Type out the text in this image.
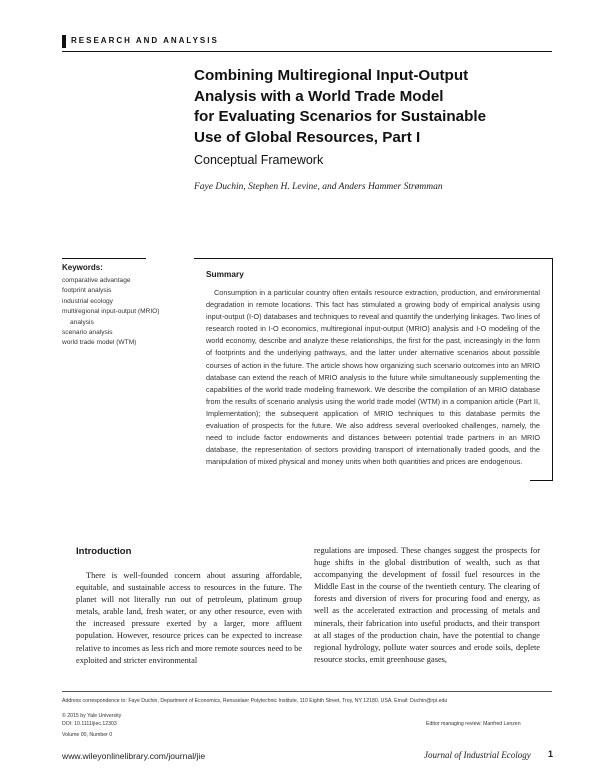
RESEARCH AND ANALYSIS
Combining Multiregional Input-Output
Analysis with a World Trade Model
for Evaluating Scenarios for Sustainable
Use of Global Resources, Part I
Conceptual Framework
Faye Duchin, Stephen H. Levine, and Anders Hammer Strømman
Keywords:
comparative advantage
footprint analysis
industrial ecology
multiregional input-output (MRIO)
analysis
scenario analysis
world trade model (WTM)
Summary

Consumption in a particular country often entails resource extraction, production, and environmental degradation in remote locations. This fact has stimulated a growing body of empirical analysis using input-output (I-O) databases and techniques to reveal and quantify the underlying linkages. Two lines of research rooted in I-O economics, multiregional input-output (MRIO) analysis and I-O modeling of the world economy, describe and analyze these relationships, the first for the past, increasingly in the form of footprints and the underlying pathways, and the latter under alternative scenarios about possible courses of action in the future. The article shows how organizing such scenario outcomes into an MRIO database can extend the reach of MRIO analysis to the future while simultaneously supplementing the capabilities of the world trade modeling framework. We describe the compilation of an MRIO database from the results of scenario analysis using the world trade model (WTM) in a companion article (Part II, Implementation); the subsequent application of MRIO techniques to this database permits the evaluation of prospects for the future. We also address several overlooked challenges, namely, the need to include factor endowments and distances between potential trade partners in an MRIO database, the representation of sectors providing transport of internationally traded goods, and the manipulation of mixed physical and money units when both quantities and prices are endogenous.

Introduction

There is well-founded concern about assuring affordable, equitable, and sustainable access to resources in the future. The planet will not literally run out of petroleum, platinum group metals, arable land, fresh water, or any other resource, even with the increased pressure exerted by a larger, more affluent population. However, resource prices can be expected to increase relative to incomes as less rich and more remote sources need to be exploited and stricter environmental

regulations are imposed. These changes suggest the prospects for huge shifts in the global distribution of wealth, such as that accompanying the development of fossil fuel resources in the Middle East in the course of the twentieth century. The clearing of forests and diversion of rivers for procuring food and energy, as well as the accelerated extraction and processing of metals and minerals, their fabrication into useful products, and their transport at all stages of the production chain, have the potential to change regional hydrology, pollute water sources and erode soils, deplete resource stocks, emit greenhouse gases,

Address correspondence to: Faye Duchin, Department of Economics, Rensselaer Polytechnic Institute, 110 Eighth Street, Troy, NY 12180, USA. Email: Duchin@rpi.edu
© 2015 by Yale University
DOI: 10.1111/jiec.12303	Editor managing review: Manfred Lenzen
Volume 00, Number 0
www.wileyonlinelibrary.com/journal/jie	Journal of Industrial Ecology 1
